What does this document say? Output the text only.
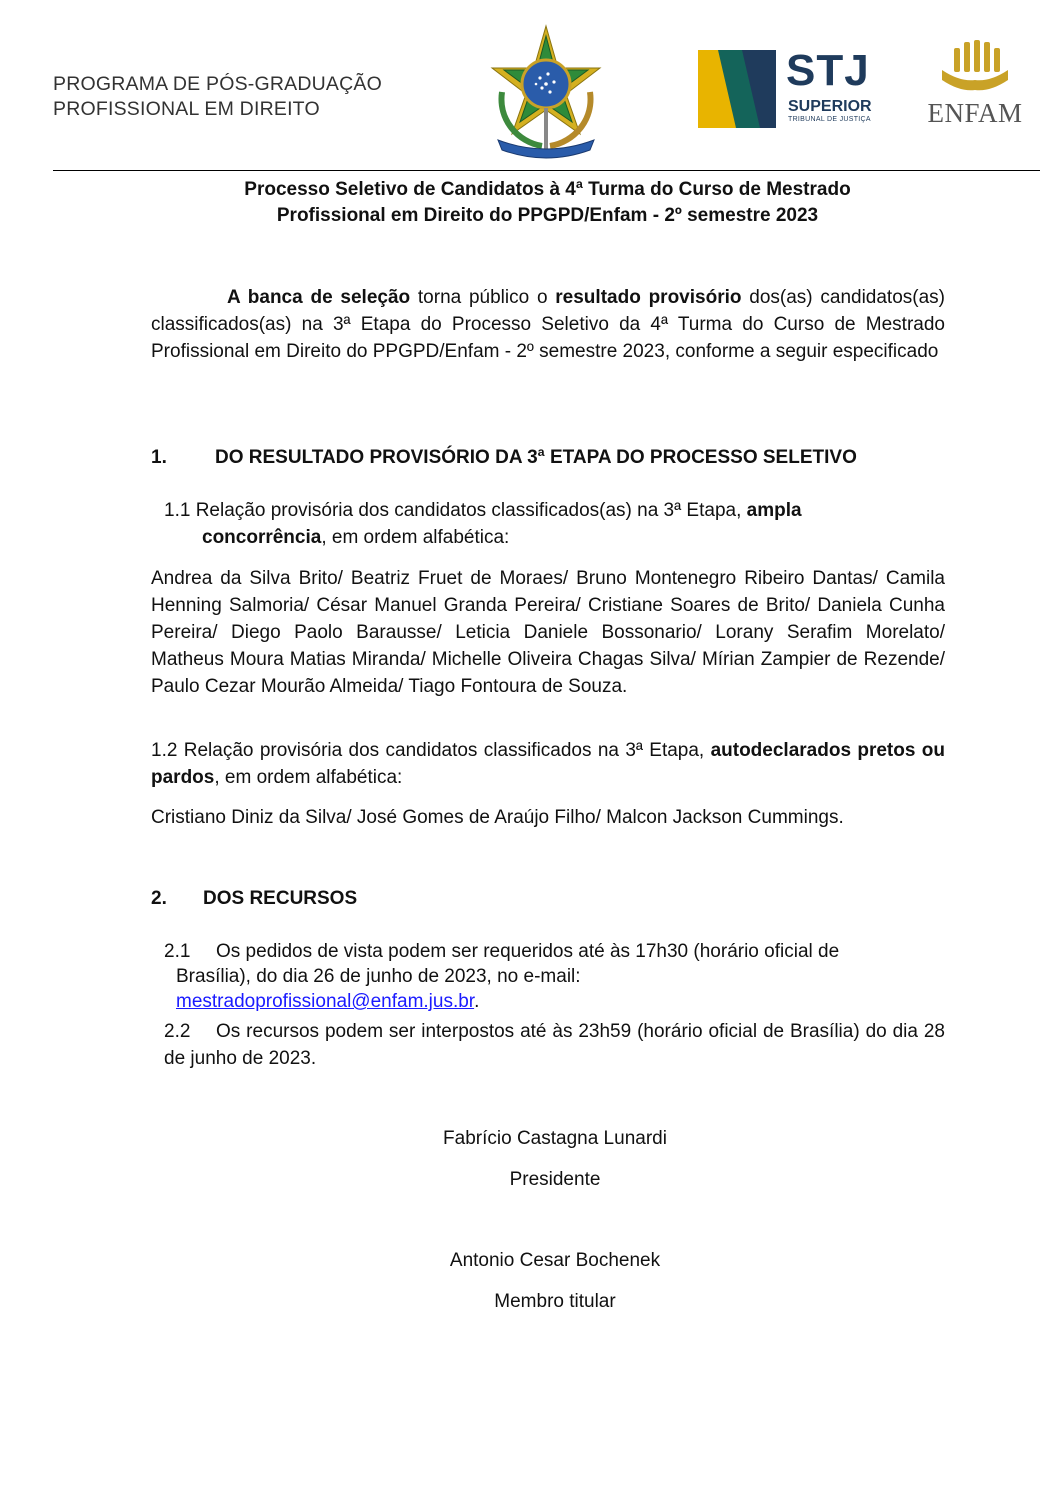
PROGRAMA DE PÓS-GRADUAÇÃO
PROFISSIONAL EM DIREITO
STJ
SUPERIOR
TRIBUNAL DE JUSTIÇA	ENFAM
Processo Seletivo de Candidatos à 4ª Turma do Curso de Mestrado
Profissional em Direito do PPGPD/Enfam - 2º semestre 2023
A banca de seleção torna público o resultado provisório dos(as) candidatos(as) classificados(as) na 3ª Etapa do Processo Seletivo da 4ª Turma do Curso de Mestrado Profissional em Direito do PPGPD/Enfam - 2º semestre 2023, conforme a seguir especificado
1.	DO RESULTADO PROVISÓRIO DA 3ª ETAPA DO PROCESSO SELETIVO
1.1 Relação provisória dos candidatos classificados(as) na 3ª Etapa, ampla
concorrência, em ordem alfabética:
Andrea da Silva Brito/ Beatriz Fruet de Moraes/ Bruno Montenegro Ribeiro Dantas/ Camila Henning Salmoria/ César Manuel Granda Pereira/ Cristiane Soares de Brito/ Daniela Cunha Pereira/ Diego Paolo Barausse/ Leticia Daniele Bossonario/ Lorany Serafim Morelato/ Matheus Moura Matias Miranda/ Michelle Oliveira Chagas Silva/ Mírian Zampier de Rezende/ Paulo Cezar Mourão Almeida/ Tiago Fontoura de Souza.
1.2 Relação provisória dos candidatos classificados na 3ª Etapa, autodeclarados pretos ou pardos, em ordem alfabética:
Cristiano Diniz da Silva/ José Gomes de Araújo Filho/ Malcon Jackson Cummings.
2. DOS RECURSOS
2.1 Os pedidos de vista podem ser requeridos até às 17h30 (horário oficial de
Brasília), do dia 26 de junho de 2023, no e-mail:
mestradoprofissional@enfam.jus.br.
2.2 Os recursos podem ser interpostos até às 23h59 (horário oficial de Brasília) do dia 28 de junho de 2023.
Fabrício Castagna Lunardi
Presidente
Antonio Cesar Bochenek
Membro titular
